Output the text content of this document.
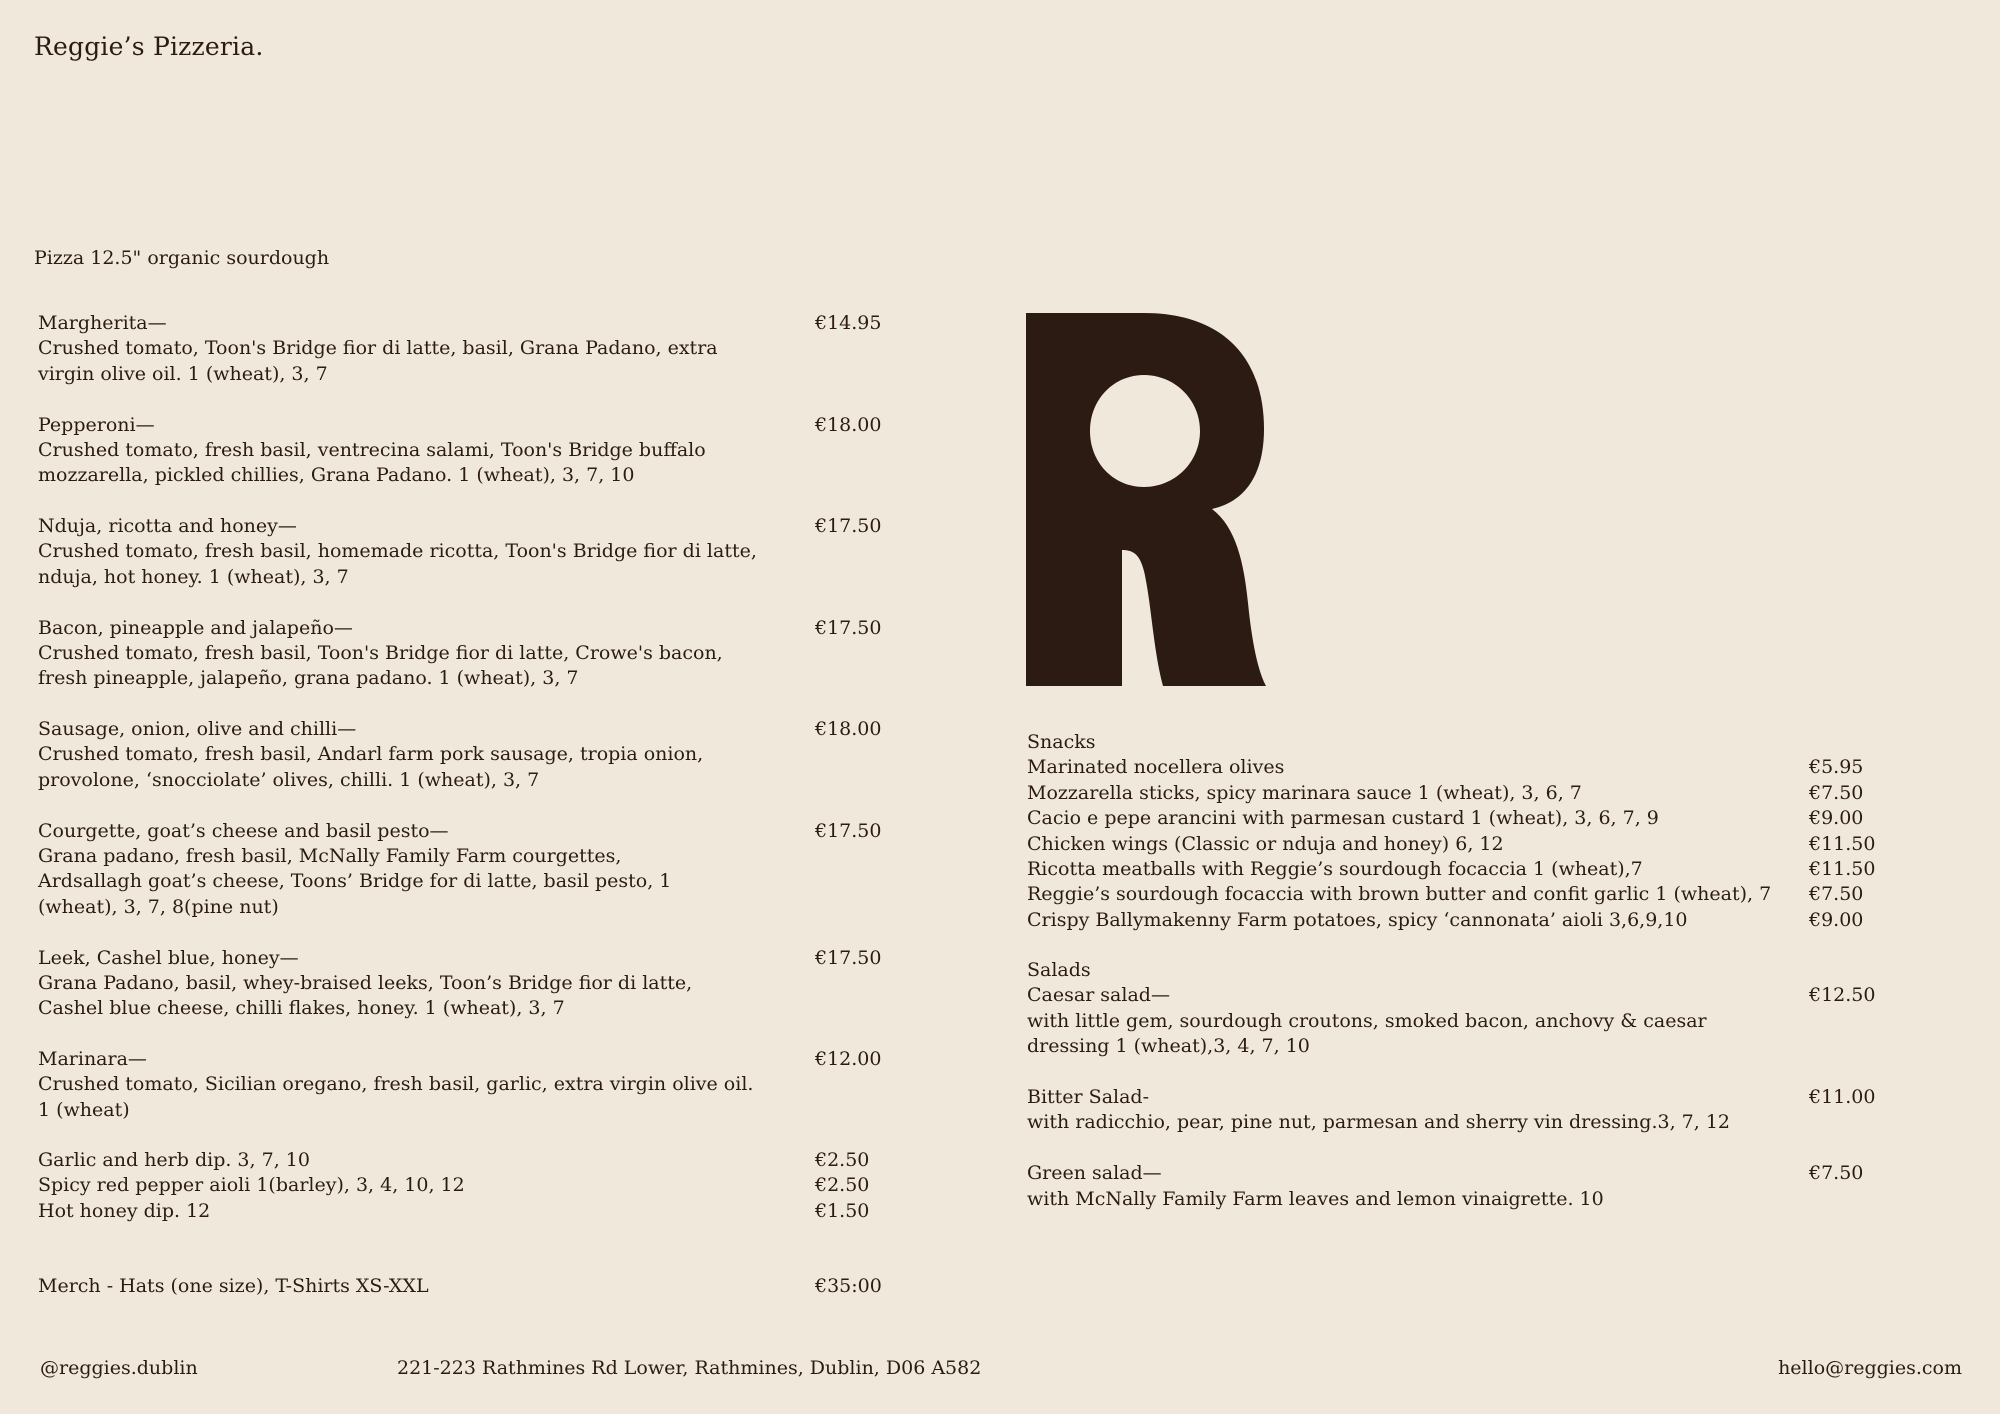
Reggie’s Pizzeria.
Pizza 12.5" organic sourdough
Margherita—
Crushed tomato, Toon's Bridge fior di latte, basil, Grana Padano, extra virgin olive oil. 1 (wheat), 3, 7
€14.95
Pepperoni—
Crushed tomato, fresh basil, ventrecina salami, Toon's Bridge buffalo mozzarella, pickled chillies, Grana Padano. 1 (wheat), 3, 7, 10
€18.00
Nduja, ricotta and honey—
Crushed tomato, fresh basil, homemade ricotta, Toon's Bridge fior di latte, nduja, hot honey. 1 (wheat), 3, 7
€17.50
Bacon, pineapple and jalapeño—
Crushed tomato, fresh basil, Toon's Bridge fior di latte, Crowe's bacon, fresh pineapple, jalapeño, grana padano. 1 (wheat), 3, 7
€17.50
Sausage, onion, olive and chilli—
Crushed tomato, fresh basil, Andarl farm pork sausage, tropia onion, provolone, ‘snocciolate’ olives, chilli. 1 (wheat), 3, 7
€18.00
Courgette, goat’s cheese and basil pesto—
Grana padano, fresh basil, McNally Family Farm courgettes, Ardsallagh goat’s cheese, Toons’ Bridge for di latte, basil pesto, 1 (wheat), 3, 7, 8(pine nut)
€17.50
Leek, Cashel blue, honey—
Grana Padano, basil, whey-braised leeks, Toon’s Bridge fior di latte, Cashel blue cheese, chilli flakes, honey. 1 (wheat), 3, 7
€17.50
Marinara—
Crushed tomato, Sicilian oregano, fresh basil, garlic, extra virgin olive oil. 1 (wheat)
€12.00
Garlic and herb dip. 3, 7, 10	€2.50
Spicy red pepper aioli 1(barley), 3, 4, 10, 12	€2.50
Hot honey dip. 12	€1.50
Merch - Hats (one size), T-Shirts XS-XXL	€35:00
Snacks
Marinated nocellera olives	€5.95
Mozzarella sticks, spicy marinara sauce 1 (wheat), 3, 6, 7	€7.50
Cacio e pepe arancini with parmesan custard 1 (wheat), 3, 6, 7, 9	€9.00
Chicken wings (Classic or nduja and honey) 6, 12	€11.50
Ricotta meatballs with Reggie’s sourdough focaccia 1 (wheat),7	€11.50
Reggie’s sourdough focaccia with brown butter and confit garlic 1 (wheat), 7 €7.50
Crispy Ballymakenny Farm potatoes, spicy ‘cannonata’ aioli 3,6,9,10	€9.00
Salads
Caesar salad—
with little gem, sourdough croutons, smoked bacon, anchovy & caesar dressing 1 (wheat),3, 4, 7, 10
€12.50
Bitter Salad-
with radicchio, pear, pine nut, parmesan and sherry vin dressing.3, 7, 12
€11.00
Green salad—
with McNally Family Farm leaves and lemon vinaigrette. 10
€7.50
@reggies.dublin	221-223 Rathmines Rd Lower, Rathmines, Dublin, D06 A582	hello@reggies.com
